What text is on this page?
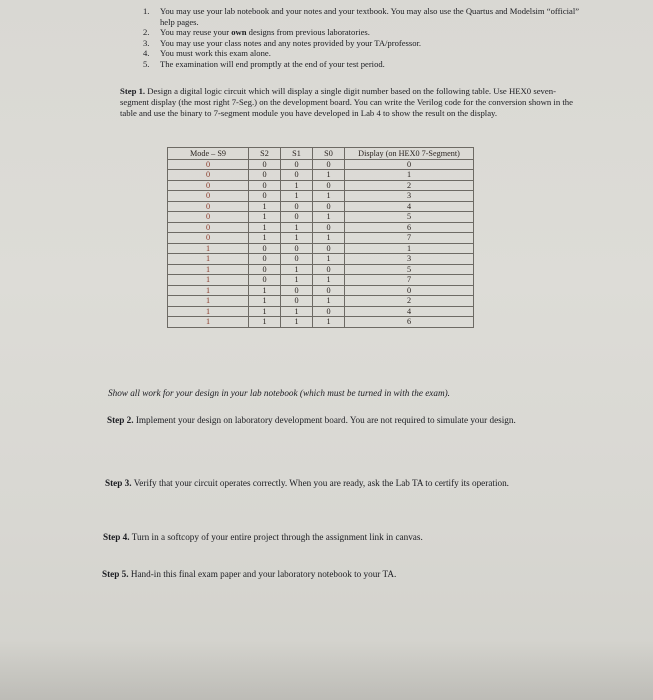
1. You may use your lab notebook and your notes and your textbook. You may also use the Quartus and Modelsim “official” help pages.
2. You may reuse your own designs from previous laboratories.
3. You may use your class notes and any notes provided by your TA/professor.
4. You must work this exam alone.
5. The examination will end promptly at the end of your test period.

Step 1. Design a digital logic circuit which will display a single digit number based on the following table. Use HEX0 seven-segment display (the most right 7-Seg.) on the development board. You can write the Verilog code for the conversion shown in the table and use the binary to 7-segment module you have developed in Lab 4 to show the result on the display.

Mode – S9	S2	S1	S0	Display (on HEX0 7-Segment)
0	0	0	0	0
0	0	0	1	1
0	0	1	0	2
0	0	1	1	3
0	1	0	0	4
0	1	0	1	5
0	1	1	0	6
0	1	1	1	7
1	0	0	0	1
1	0	0	1	3
1	0	1	0	5
1	0	1	1	7
1	1	0	0	0
1	1	0	1	2
1	1	1	0	4
1	1	1	1	6

Show all work for your design in your lab notebook (which must be turned in with the exam).

Step 2. Implement your design on laboratory development board. You are not required to simulate your design.

Step 3. Verify that your circuit operates correctly. When you are ready, ask the Lab TA to certify its operation.

Step 4. Turn in a softcopy of your entire project through the assignment link in canvas.

Step 5. Hand-in this final exam paper and your laboratory notebook to your TA.
